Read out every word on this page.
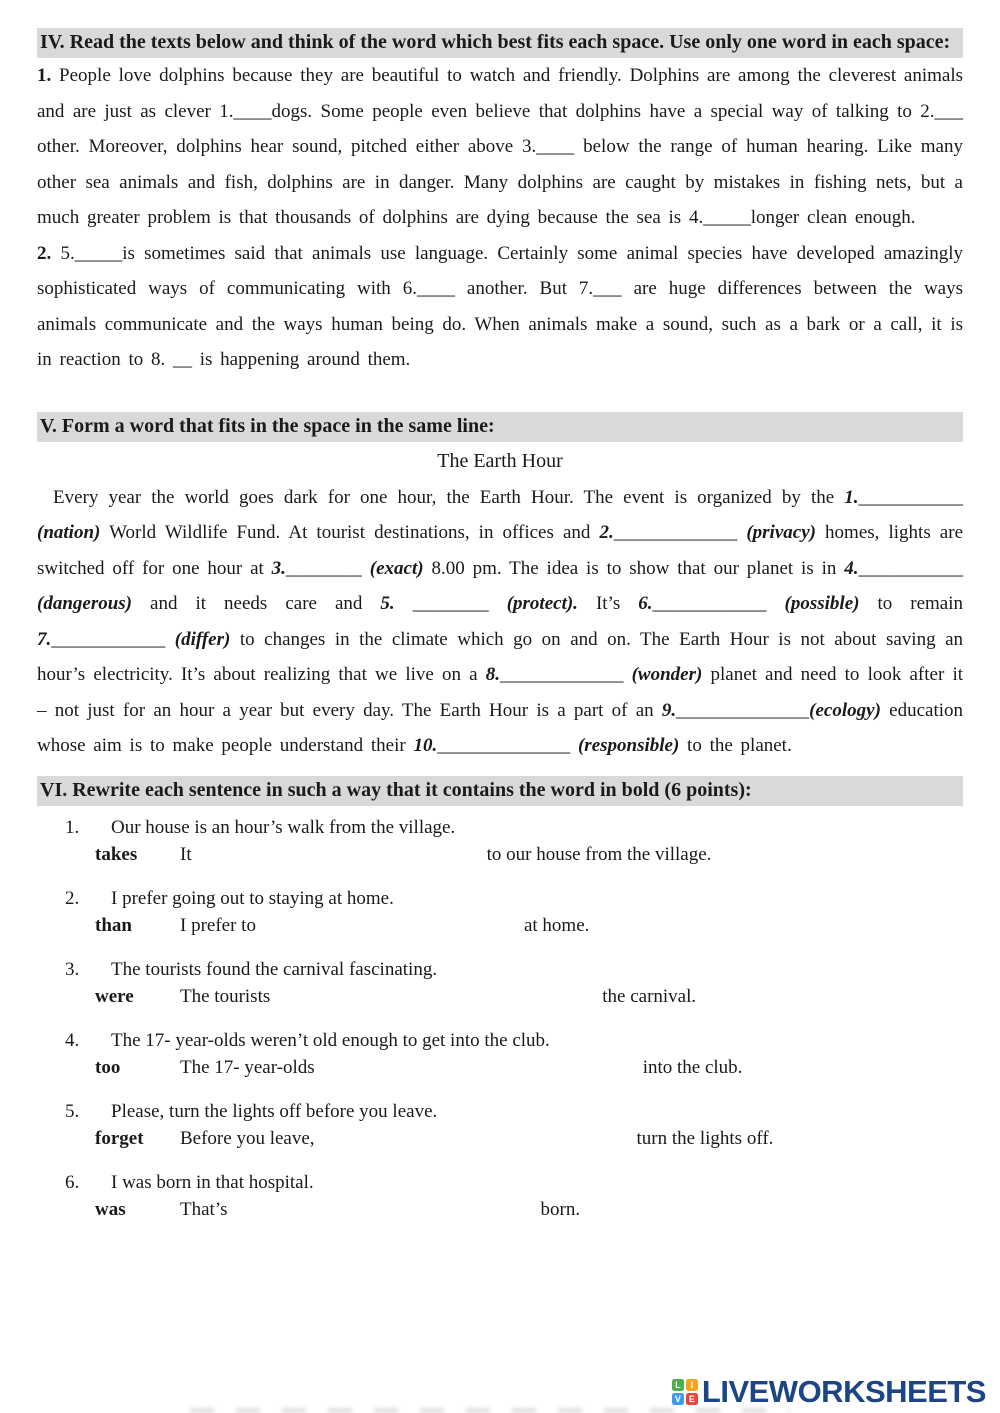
IV. Read the texts below and think of the word which best fits each space. Use only one word in each space:

1. People love dolphins because they are beautiful to watch and friendly. Dolphins are among the cleverest animals and are just as clever 1.____dogs. Some people even believe that dolphins have a special way of talking to 2.___ other. Moreover, dolphins hear sound, pitched either above 3.____ below the range of human hearing. Like many other sea animals and fish, dolphins are in danger. Many dolphins are caught by mistakes in fishing nets, but a much greater problem is that thousands of dolphins are dying because the sea is 4._____longer clean enough.

2. 5._____is sometimes said that animals use language. Certainly some animal species have developed amazingly sophisticated ways of communicating with 6.____ another. But 7.___ are huge differences between the ways animals communicate and the ways human being do. When animals make a sound, such as a bark or a call, it is in reaction to 8. __ is happening around them.

V. Form a word that fits in the space in the same line:
The Earth Hour

Every year the world goes dark for one hour, the Earth Hour. The event is organized by the 1.___________ (nation) World Wildlife Fund. At tourist destinations, in offices and 2._____________ (privacy) homes, lights are switched off for one hour at 3.________ (exact) 8.00 pm. The idea is to show that our planet is in 4.___________ (dangerous) and it needs care and 5. ________ (protect). It’s 6.____________ (possible) to remain 7.____________ (differ) to changes in the climate which go on and on. The Earth Hour is not about saving an hour’s electricity. It’s about realizing that we live on a 8._____________ (wonder) planet and need to look after it – not just for an hour a year but every day. The Earth Hour is a part of an 9.______________(ecology) education whose aim is to make people understand their 10.______________ (responsible) to the planet.

VI. Rewrite each sentence in such a way that it contains the word in bold (6 points):
1.	Our house is an hour’s walk from the village.
takes	It	to our house from the village.
2.	I prefer going out to staying at home.
than	I prefer to	at home.
3.	The tourists found the carnival fascinating.
were	The tourists	the carnival.
4.	The 17- year-olds weren’t old enough to get into the club.
too	The 17- year-olds	into the club.
5.	Please, turn the lights off before you leave.
forget	Before you leave,	turn the lights off.
6.	I was born in that hospital.
was	That’s	born.
L	I
V E LIVEWORKSHEETS
